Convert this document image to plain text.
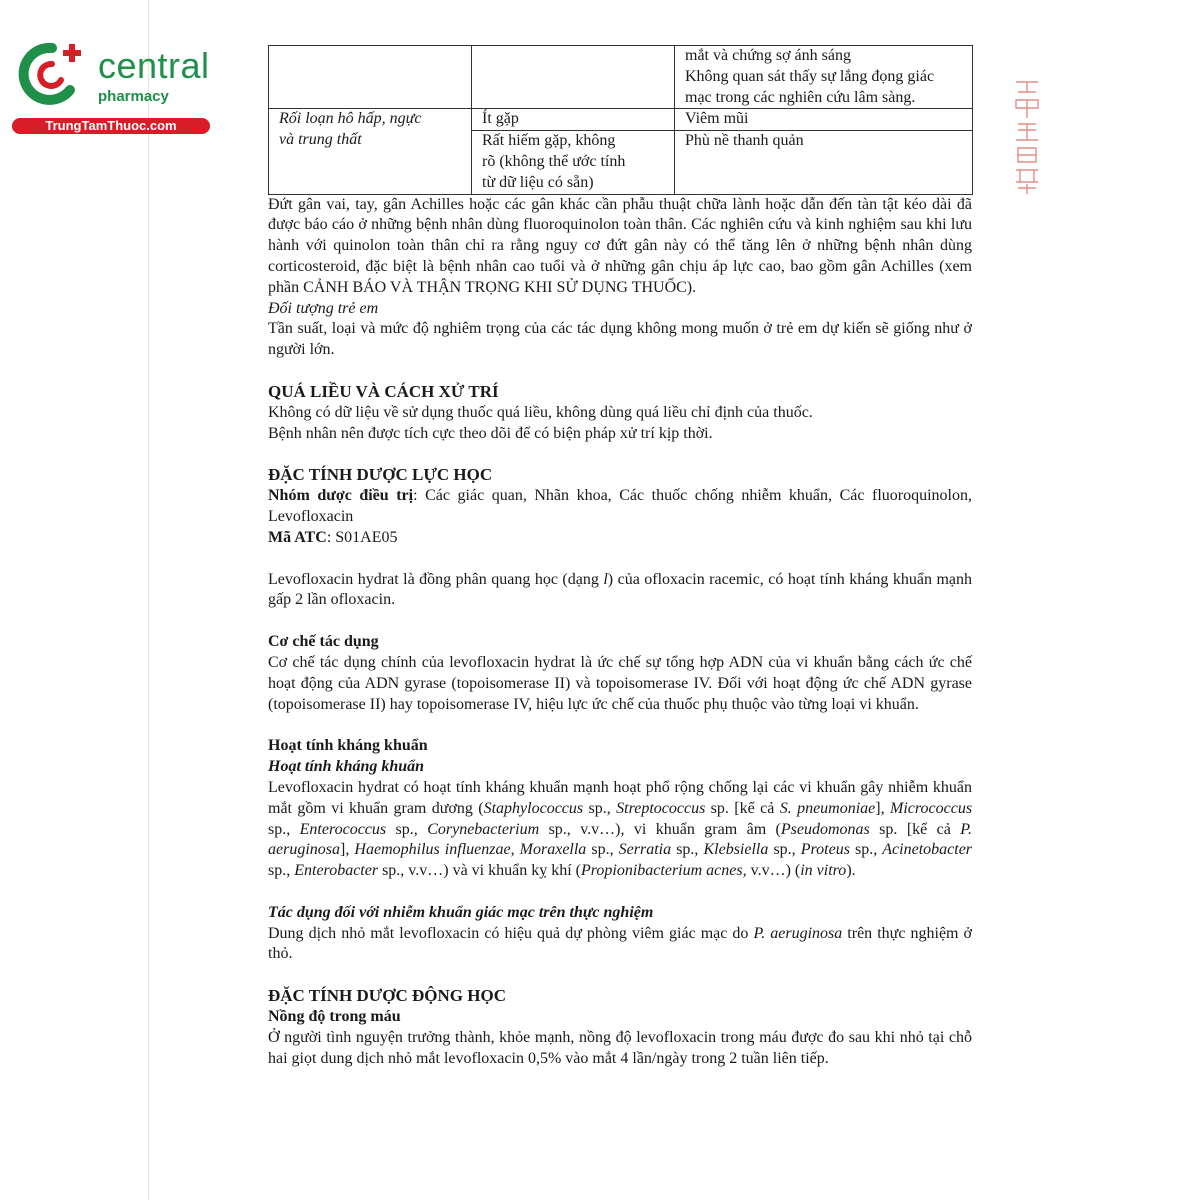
central
pharmacy
TrungTamThuoc.com

		mắt và chứng sợ ánh sáng
Không quan sát thấy sự lắng đọng giác
mạc trong các nghiên cứu lâm sàng.

Rối loạn hô hấp, ngực
và trung thất	Ít gặp	Viêm mũi

	Rất hiếm gặp, không
rõ (không thể ước tính
từ dữ liệu có sẵn)	Phù nề thanh quản

Đứt gân vai, tay, gân Achilles hoặc các gân khác cần phẫu thuật chữa lành hoặc dẫn đến tàn tật kéo dài đã được báo cáo ở những bệnh nhân dùng fluoroquinolon toàn thân. Các nghiên cứu và kinh nghiệm sau khi lưu hành với quinolon toàn thân chỉ ra rằng nguy cơ đứt gân này có thể tăng lên ở những bệnh nhân dùng corticosteroid, đặc biệt là bệnh nhân cao tuổi và ở những gân chịu áp lực cao, bao gồm gân Achilles (xem phần CẢNH BÁO VÀ THẬN TRỌNG KHI SỬ DỤNG THUỐC).

Đối tượng trẻ em

Tần suất, loại và mức độ nghiêm trọng của các tác dụng không mong muốn ở trẻ em dự kiến sẽ giống như ở người lớn.

QUÁ LIỀU VÀ CÁCH XỬ TRÍ

Không có dữ liệu về sử dụng thuốc quá liều, không dùng quá liều chỉ định của thuốc.

Bệnh nhân nên được tích cực theo dõi để có biện pháp xử trí kịp thời.

ĐẶC TÍNH DƯỢC LỰC HỌC

Nhóm dược điều trị: Các giác quan, Nhãn khoa, Các thuốc chống nhiễm khuẩn, Các fluoroquinolon, Levofloxacin

Mã ATC: S01AE05

Levofloxacin hydrat là đồng phân quang học (dạng l) của ofloxacin racemic, có hoạt tính kháng khuẩn mạnh gấp 2 lần ofloxacin.

Cơ chế tác dụng

Cơ chế tác dụng chính của levofloxacin hydrat là ức chế sự tổng hợp ADN của vi khuẩn bằng cách ức chế hoạt động của ADN gyrase (topoisomerase II) và topoisomerase IV. Đối với hoạt động ức chế ADN gyrase (topoisomerase II) hay topoisomerase IV, hiệu lực ức chế của thuốc phụ thuộc vào từng loại vi khuẩn.

Hoạt tính kháng khuẩn

Hoạt tính kháng khuẩn

Levofloxacin hydrat có hoạt tính kháng khuẩn mạnh hoạt phổ rộng chống lại các vi khuẩn gây nhiễm khuẩn mắt gồm vi khuẩn gram dương (Staphylococcus sp., Streptococcus sp. [kể cả S. pneumoniae], Micrococcus sp., Enterococcus sp., Corynebacterium sp., v.v…), vi khuẩn gram âm (Pseudomonas sp. [kể cả P. aeruginosa], Haemophilus influenzae, Moraxella sp., Serratia sp., Klebsiella sp., Proteus sp., Acinetobacter sp., Enterobacter sp., v.v…) và vi khuẩn kỵ khí (Propionibacterium acnes, v.v…) (in vitro).

Tác dụng đối với nhiễm khuẩn giác mạc trên thực nghiệm

Dung dịch nhỏ mắt levofloxacin có hiệu quả dự phòng viêm giác mạc do P. aeruginosa trên thực nghiệm ở thỏ.

ĐẶC TÍNH DƯỢC ĐỘNG HỌC

Nồng độ trong máu

Ở người tình nguyện trưởng thành, khỏe mạnh, nồng độ levofloxacin trong máu được đo sau khi nhỏ tại chỗ hai giọt dung dịch nhỏ mắt levofloxacin 0,5% vào mắt 4 lần/ngày trong 2 tuần liên tiếp.
